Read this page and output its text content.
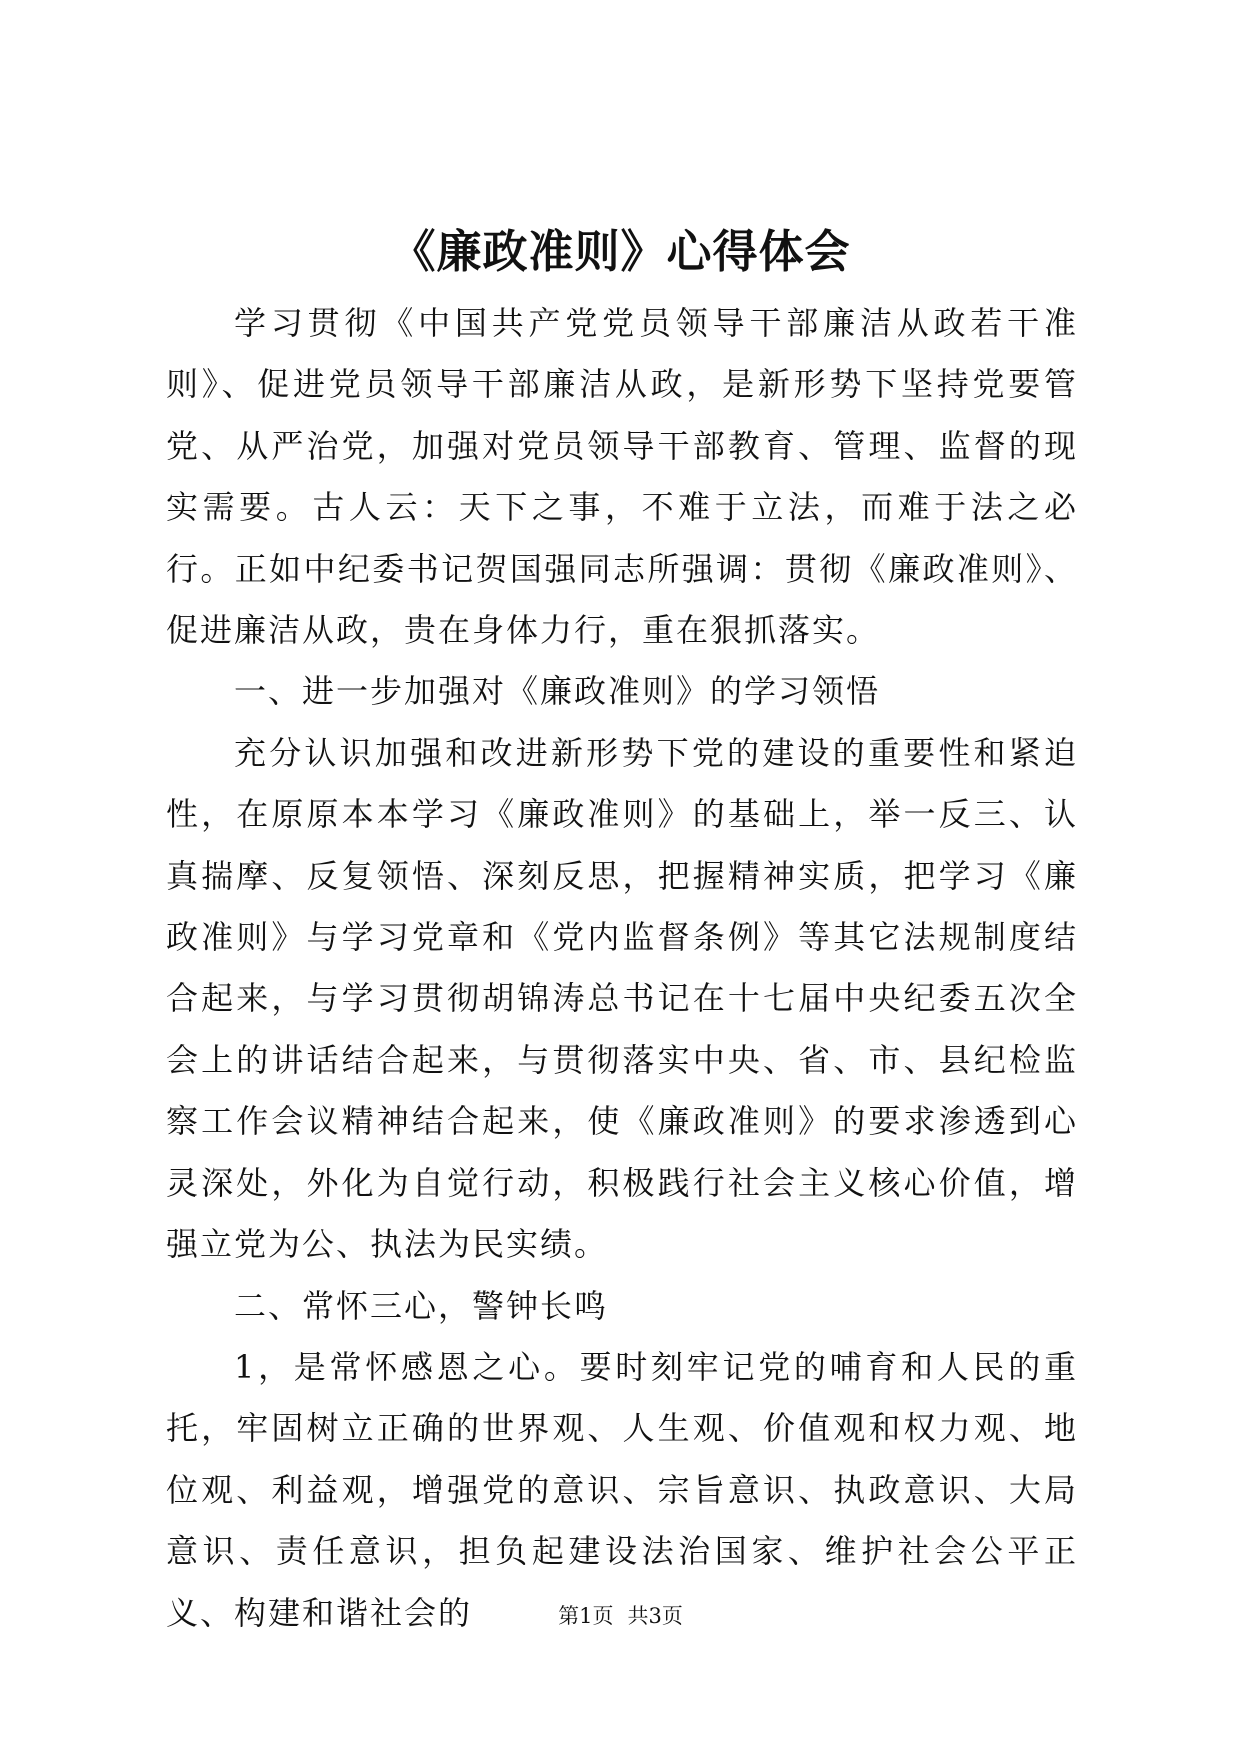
《廉政准则》心得体会

学习贯彻《中国共产党党员领导干部廉洁从政若干准则》、促进党员领导干部廉洁从政，是新形势下坚持党要管党、从严治党，加强对党员领导干部教育、管理、监督的现实需要。古人云：天下之事，不难于立法，而难于法之必行。正如中纪委书记贺国强同志所强调：贯彻《廉政准则》、促进廉洁从政，贵在身体力行，重在狠抓落实。

一、进一步加强对《廉政准则》的学习领悟

充分认识加强和改进新形势下党的建设的重要性和紧迫性，在原原本本学习《廉政准则》的基础上，举一反三、认真揣摩、反复领悟、深刻反思，把握精神实质，把学习《廉政准则》与学习党章和《党内监督条例》等其它法规制度结合起来，与学习贯彻胡锦涛总书记在十七届中央纪委五次全会上的讲话结合起来，与贯彻落实中央、省、市、县纪检监察工作会议精神结合起来，使《廉政准则》的要求渗透到心灵深处，外化为自觉行动，积极践行社会主义核心价值，增强立党为公、执法为民实绩。

二、常怀三心，警钟长鸣

1，是常怀感恩之心。要时刻牢记党的哺育和人民的重托，牢固树立正确的世界观、人生观、价值观和权力观、地位观、利益观，增强党的意识、宗旨意识、执政意识、大局意识、责任意识，担负起建设法治国家、维护社会公平正义、构建和谐社会的	第1页 共3页
